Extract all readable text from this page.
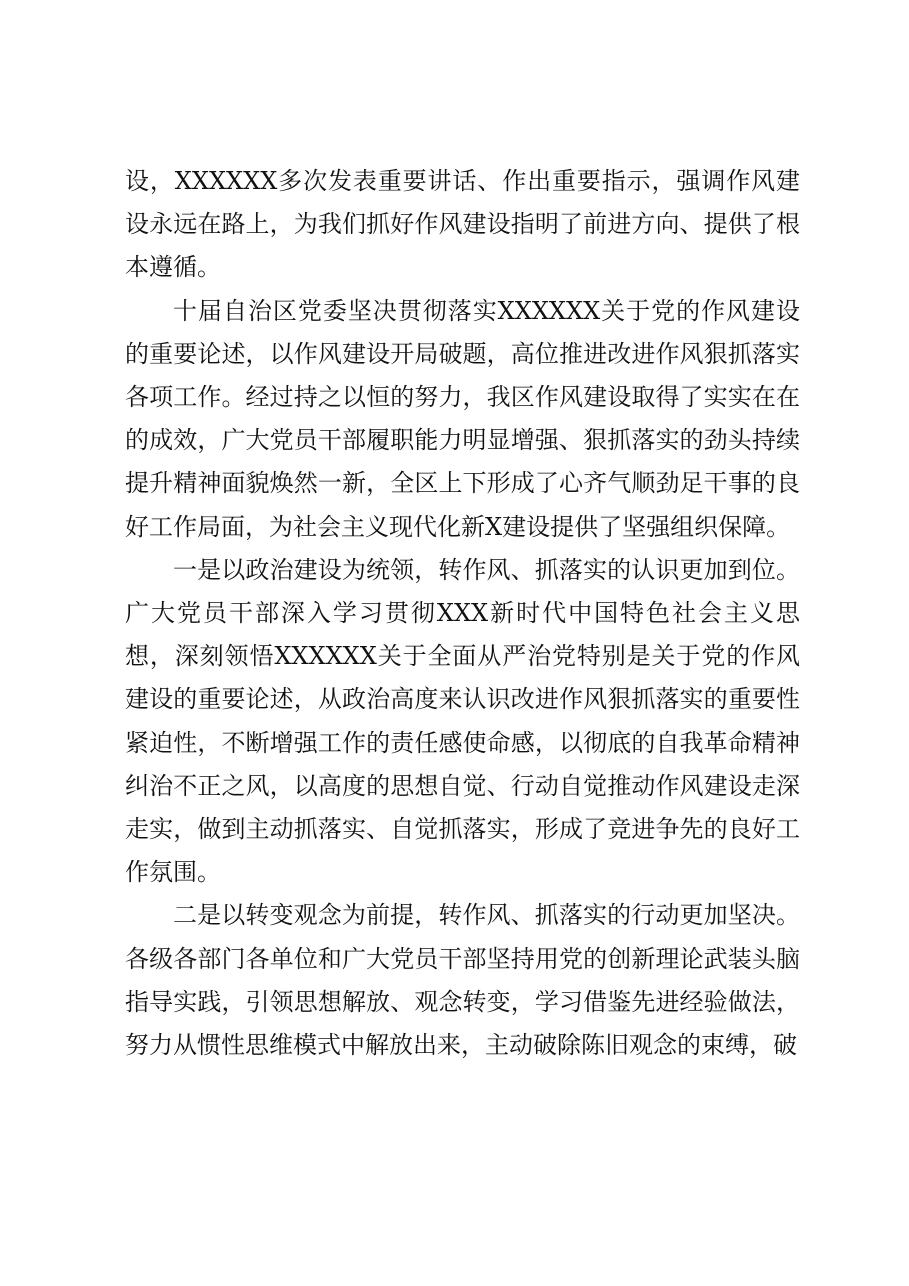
设，XXXXXX多次发表重要讲话、作出重要指示，强调作风建设永远在路上，为我们抓好作风建设指明了前进方向、提供了根本遵循。

十届自治区党委坚决贯彻落实XXXXXX关于党的作风建设的重要论述，以作风建设开局破题，高位推进改进作风狠抓落实各项工作。经过持之以恒的努力，我区作风建设取得了实实在在的成效，广大党员干部履职能力明显增强、狠抓落实的劲头持续提升精神面貌焕然一新，全区上下形成了心齐气顺劲足干事的良好工作局面，为社会主义现代化新X建设提供了坚强组织保障。

一是以政治建设为统领，转作风、抓落实的认识更加到位。广大党员干部深入学习贯彻XXX新时代中国特色社会主义思想，深刻领悟XXXXXX关于全面从严治党特别是关于党的作风建设的重要论述，从政治高度来认识改进作风狠抓落实的重要性紧迫性，不断增强工作的责任感使命感，以彻底的自我革命精神纠治不正之风，以高度的思想自觉、行动自觉推动作风建设走深走实，做到主动抓落实、自觉抓落实，形成了竞进争先的良好工作氛围。

二是以转变观念为前提，转作风、抓落实的行动更加坚决。各级各部门各单位和广大党员干部坚持用党的创新理论武装头脑指导实践，引领思想解放、观念转变，学习借鉴先进经验做法，努力从惯性思维模式中解放出来，主动破除陈旧观念的束缚，破
